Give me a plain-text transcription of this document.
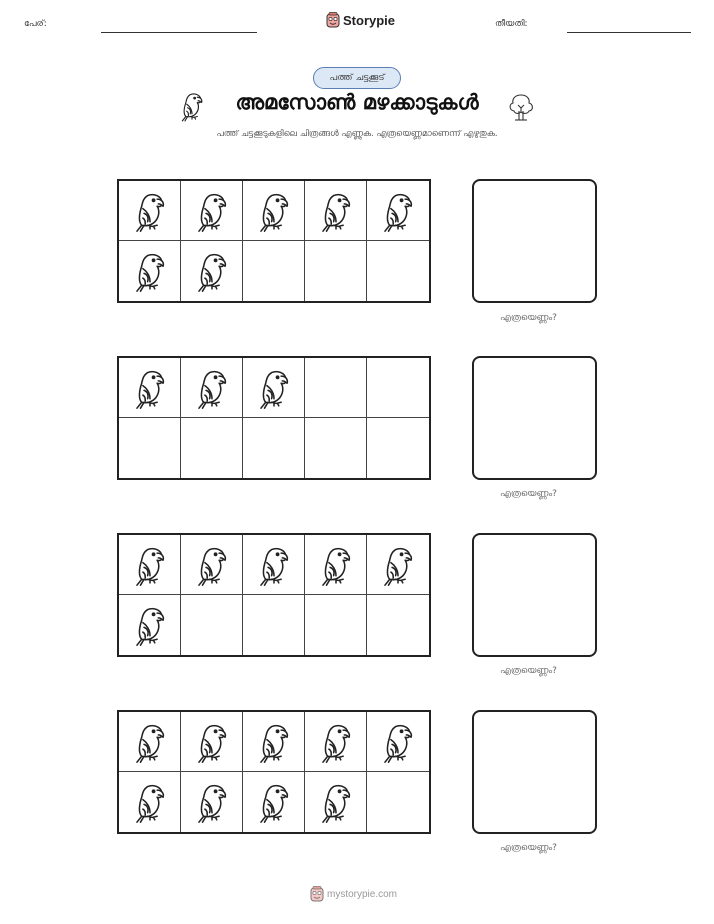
പേര്:	Storypie	തീയതി:
പത്ത് ചട്ടക്കൂട്
അമസോൺ മഴക്കാടുകൾ
പത്ത് ചട്ടക്കൂടുകളിലെ ചിത്രങ്ങൾ എണ്ണുക. എത്രയെണ്ണമാണെന്ന് എഴുതുക.
എത്രയെണ്ണം?
എത്രയെണ്ണം?
എത്രയെണ്ണം?
എത്രയെണ്ണം?
mystorypie.com
